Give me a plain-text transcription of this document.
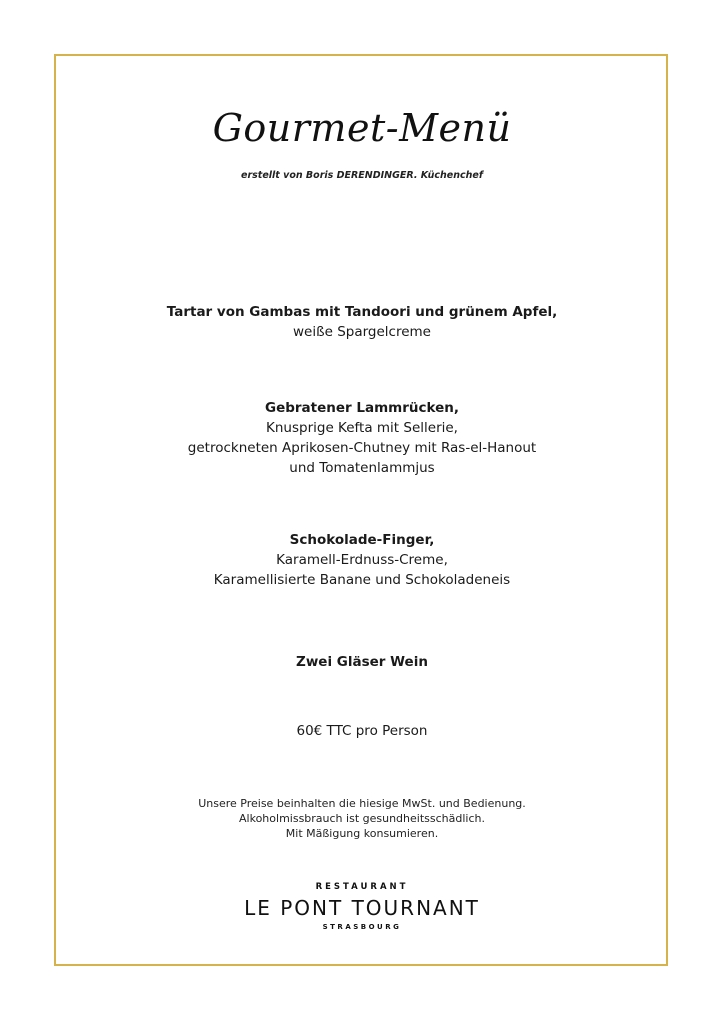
Gourmet-Menü
erstellt von Boris DERENDINGER. Küchenchef
Tartar von Gambas mit Tandoori und grünem Apfel,
weiße Spargelcreme
Gebratener Lammrücken,
Knusprige Kefta mit Sellerie,
getrockneten Aprikosen-Chutney mit Ras-el-Hanout
und Tomatenlammjus
Schokolade-Finger,
Karamell-Erdnuss-Creme,
Karamellisierte Banane und Schokoladeneis
Zwei Gläser Wein
60€ TTC pro Person
Unsere Preise beinhalten die hiesige MwSt. und Bedienung.
Alkoholmissbrauch ist gesundheitsschädlich.
Mit Mäßigung konsumieren.
RESTAURANT
LE PONT TOURNANT
STRASBOURG
